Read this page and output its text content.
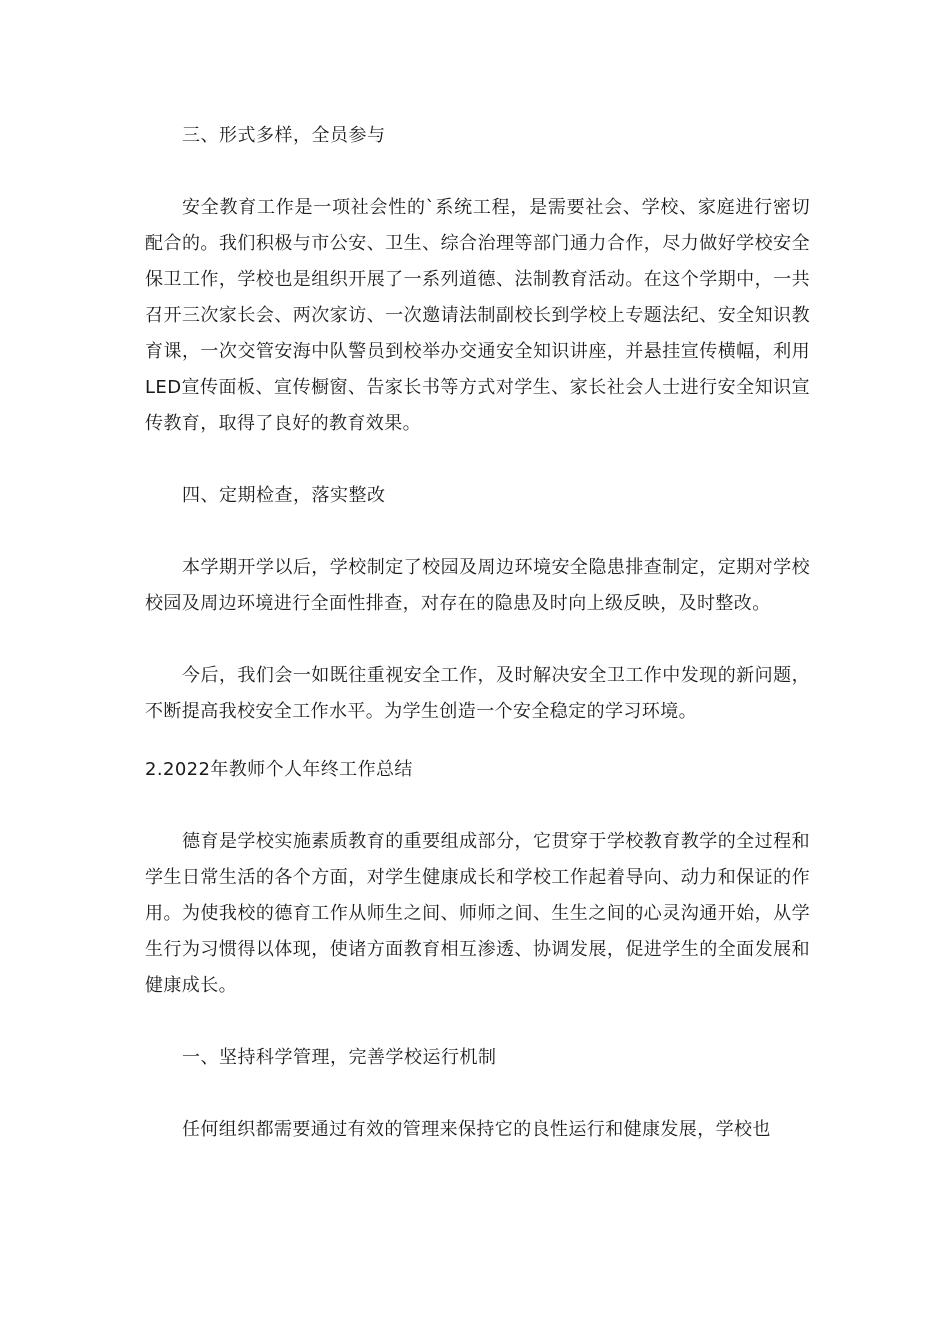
三、形式多样，全员参与

安全教育工作是一项社会性的`系统工程，是需要社会、学校、家庭进行密切配合的。我们积极与市公安、卫生、综合治理等部门通力合作，尽力做好学校安全保卫工作，学校也是组织开展了一系列道德、法制教育活动。在这个学期中，一共召开三次家长会、两次家访、一次邀请法制副校长到学校上专题法纪、安全知识教育课，一次交管安海中队警员到校举办交通安全知识讲座，并悬挂宣传横幅，利用LED宣传面板、宣传橱窗、告家长书等方式对学生、家长社会人士进行安全知识宣传教育，取得了良好的教育效果。

四、定期检查，落实整改

本学期开学以后，学校制定了校园及周边环境安全隐患排查制定，定期对学校校园及周边环境进行全面性排查，对存在的隐患及时向上级反映，及时整改。

今后，我们会一如既往重视安全工作，及时解决安全卫工作中发现的新问题，不断提高我校安全工作水平。为学生创造一个安全稳定的学习环境。

2.2022年教师个人年终工作总结

德育是学校实施素质教育的重要组成部分，它贯穿于学校教育教学的全过程和学生日常生活的各个方面，对学生健康成长和学校工作起着导向、动力和保证的作用。为使我校的德育工作从师生之间、师师之间、生生之间的心灵沟通开始，从学生行为习惯得以体现，使诸方面教育相互渗透、协调发展，促进学生的全面发展和健康成长。

一、坚持科学管理，完善学校运行机制

任何组织都需要通过有效的管理来保持它的良性运行和健康发展，学校也
